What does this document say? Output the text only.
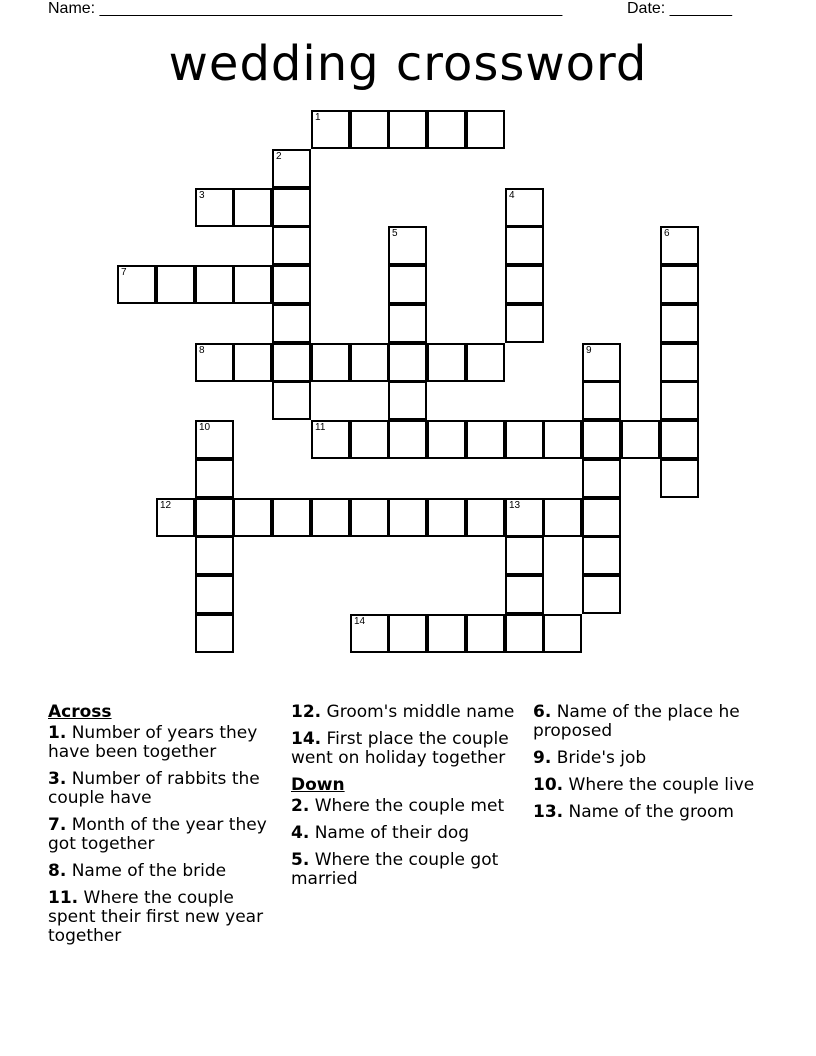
Name: ____________________________________________________	Date: _______
wedding crossword
1
3
7
8
11
12	13
14
2
4
5	6
9
10
Across
1. Number of years they have been together
3. Number of rabbits the couple have
7. Month of the year they got together
8. Name of the bride
11. Where the couple spent their first new year together
12. Groom's middle name
14. First place the couple went on holiday together
Down
2. Where the couple met
4. Name of their dog
5. Where the couple got married
6. Name of the place he proposed
9. Bride's job
10. Where the couple live
13. Name of the groom
